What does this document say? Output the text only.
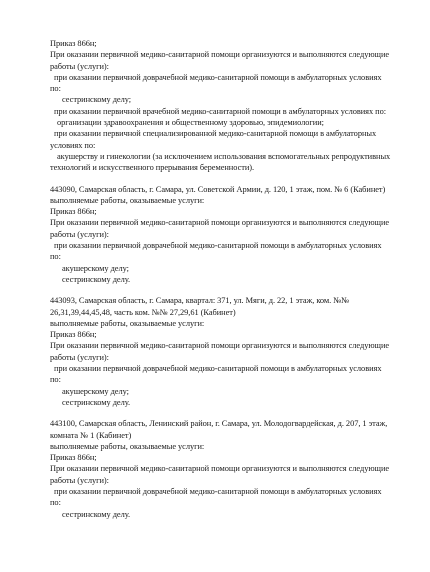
Приказ 866н;
При оказании первичной медико-санитарной помощи организуются и выполняются следующие
работы (услуги):
при оказании первичной доврачебной медико-санитарной помощи в амбулаторных условиях
по:
сестринскому делу;
при оказании первичной врачебной медико-санитарной помощи в амбулаторных условиях по:
организации здравоохранения и общественному здоровью, эпидемиологии;
при оказании первичной специализированной медико-санитарной помощи в амбулаторных
условиях по:
акушерству и гинекологии (за исключением использования вспомогательных репродуктивных
технологий и искусственного прерывания беременности).
443090, Самарская область, г. Самара, ул. Советской Армии, д. 120, 1 этаж, пом. № 6 (Кабинет)
выполняемые работы, оказываемые услуги:
Приказ 866н;
При оказании первичной медико-санитарной помощи организуются и выполняются следующие
работы (услуги):
при оказании первичной доврачебной медико-санитарной помощи в амбулаторных условиях
по:
акушерскому делу;
сестринскому делу.
443093, Самарская область, г. Самара, квартал: 371, ул. Мяги, д. 22, 1 этаж, ком. №№
26,31,39,44,45,48, часть ком. №№ 27,29,61 (Кабинет)
выполняемые работы, оказываемые услуги:
Приказ 866н;
При оказании первичной медико-санитарной помощи организуются и выполняются следующие
работы (услуги):
при оказании первичной доврачебной медико-санитарной помощи в амбулаторных условиях
по:
акушерскому делу;
сестринскому делу.
443100, Самарская область, Ленинский район, г. Самара, ул. Молодогвардейская, д. 207, 1 этаж,
комната № 1 (Кабинет)
выполняемые работы, оказываемые услуги:
Приказ 866н;
При оказании первичной медико-санитарной помощи организуются и выполняются следующие
работы (услуги):
при оказании первичной доврачебной медико-санитарной помощи в амбулаторных условиях
по:
сестринскому делу.
